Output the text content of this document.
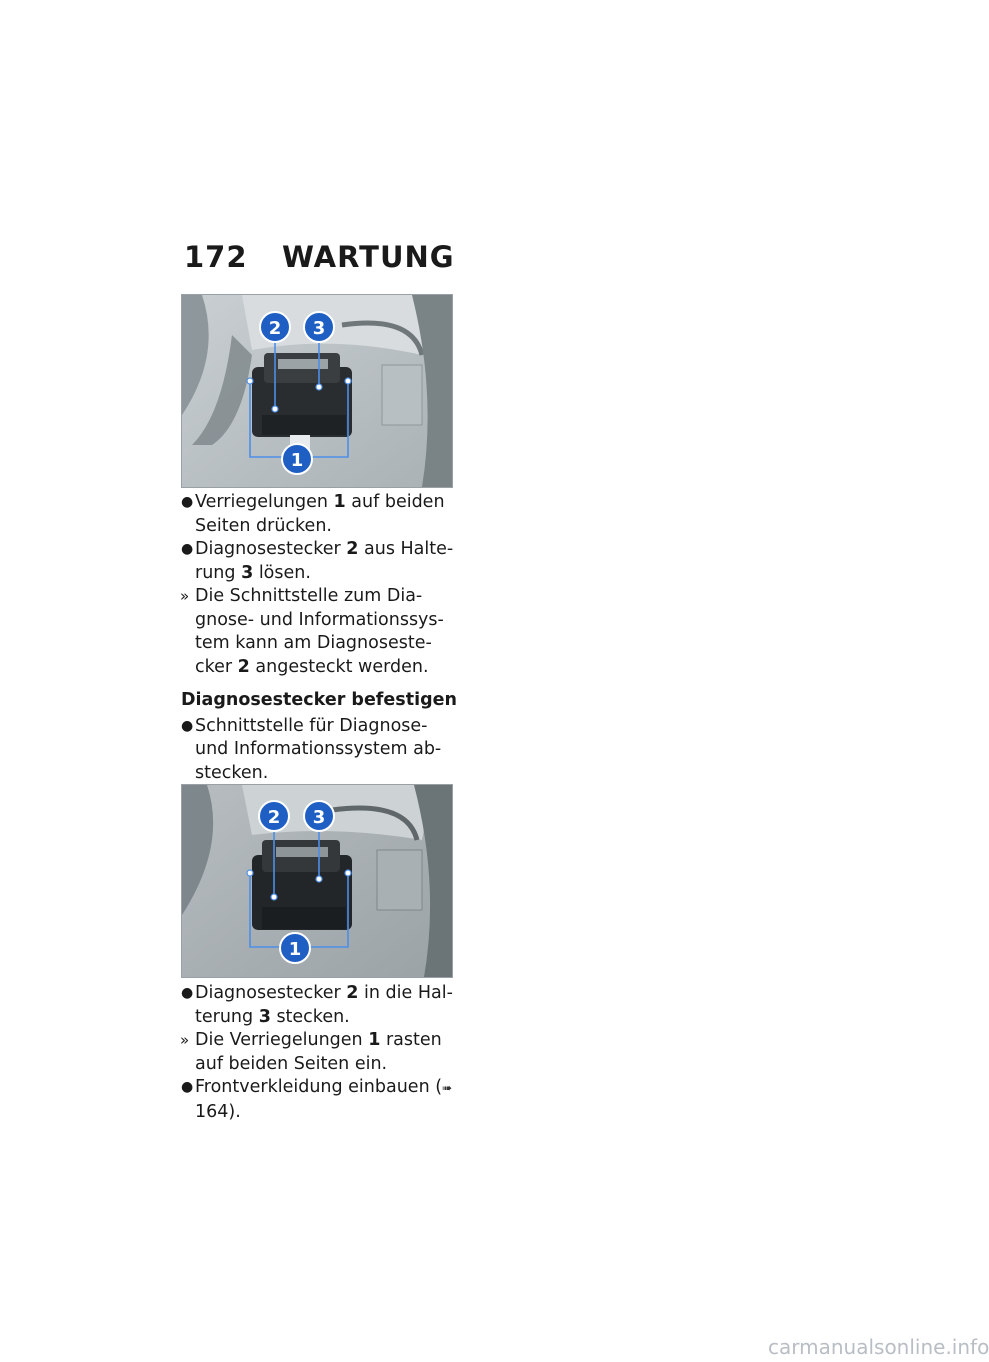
172	WARTUNG
2 3
1
● Verriegelungen 1 auf beiden Seiten drücken.

● Diagnosestecker 2 aus Halte-rung 3 lösen.

» Die Schnittstelle zum Dia-gnose- und Informationssys-tem kann am Diagnoseste-cker 2 angesteckt werden.

Diagnosestecker befestigen
● Schnittstelle für Diagnose- und Informationssystem ab-stecken.

2 3
1
● Diagnosestecker 2 in die Hal-terung 3 stecken.

» Die Verriegelungen 1 rasten auf beiden Seiten ein.

● Frontverkleidung einbauen (➠ 164).

carmanualsonline.info
